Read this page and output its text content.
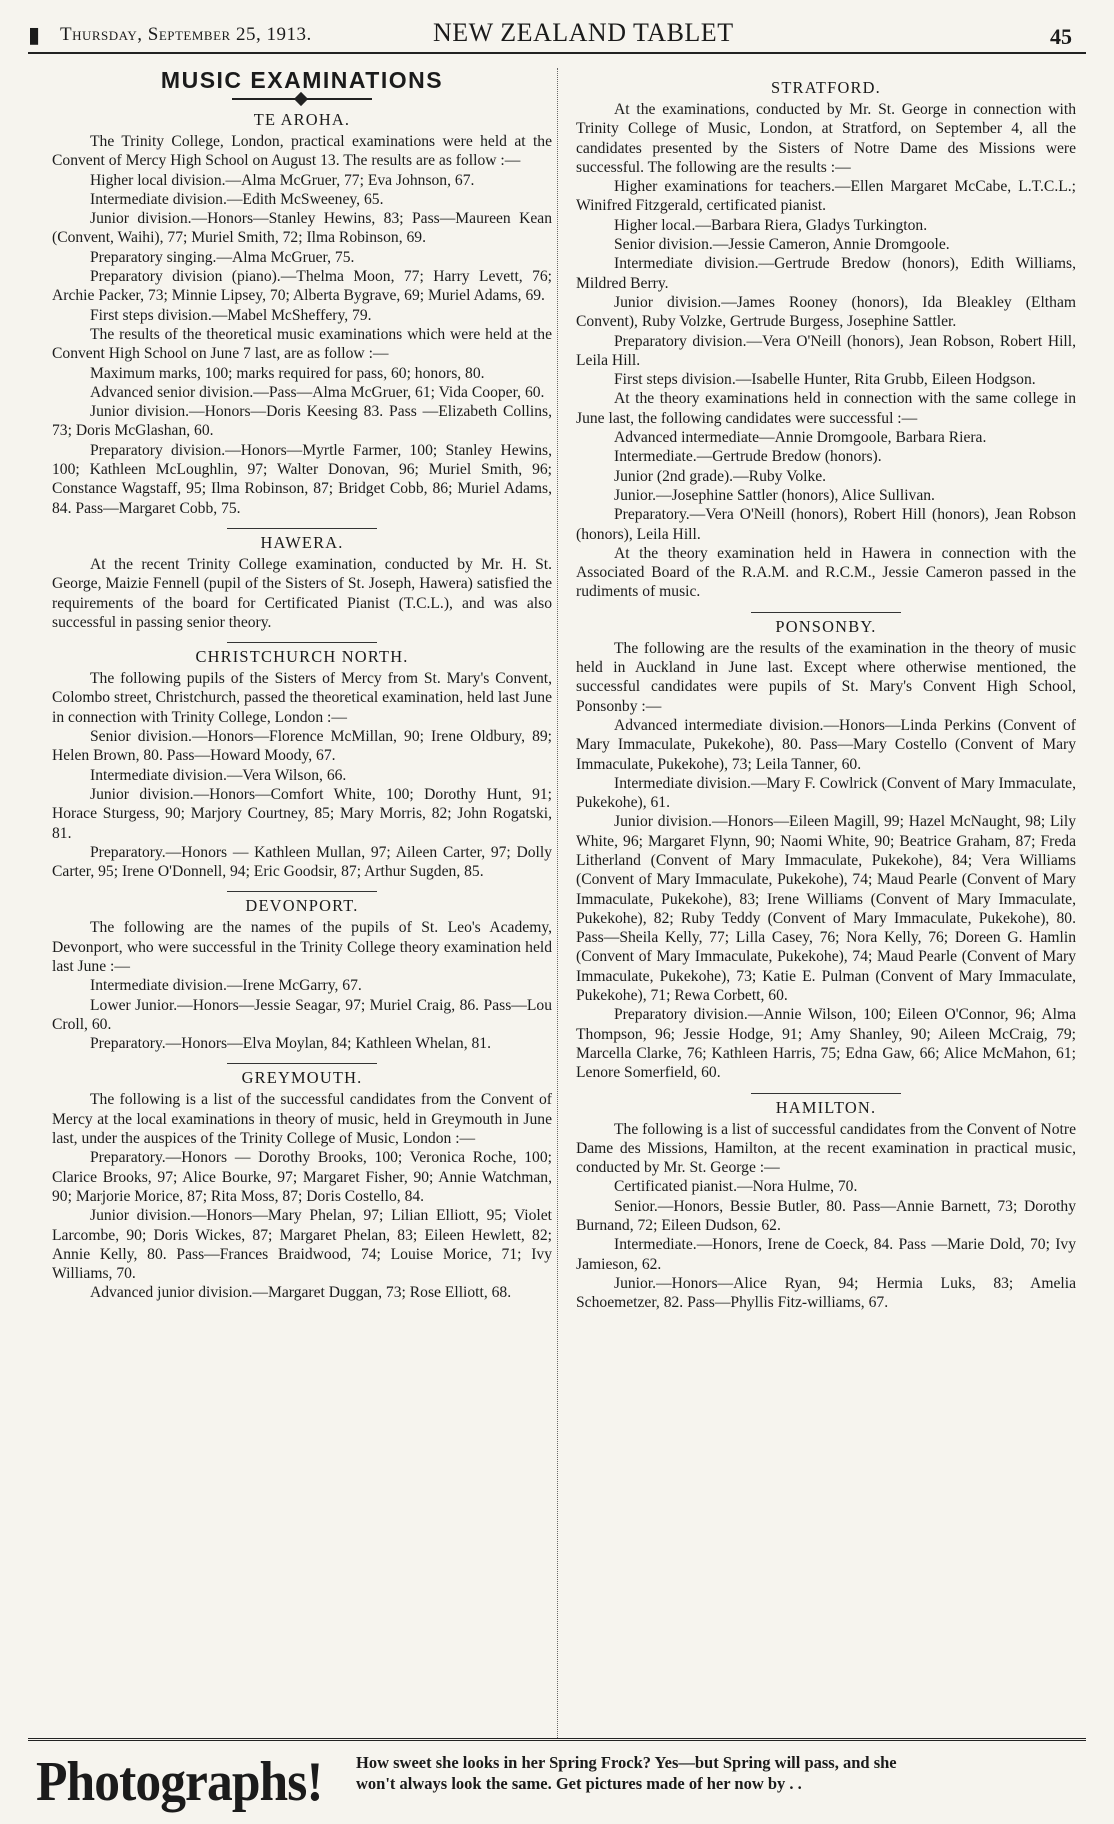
▮ Thursday, September 25, 1913.	NEW ZEALAND TABLET	45
MUSIC EXAMINATIONS
TE AROHA.

The Trinity College, London, practical examinations were held at the Convent of Mercy High School on August 13. The results are as follow :—

Higher local division.—Alma McGruer, 77; Eva Johnson, 67.

Intermediate division.—Edith McSweeney, 65.

Junior division.—Honors—Stanley Hewins, 83; Pass—Maureen Kean (Convent, Waihi), 77; Muriel Smith, 72; Ilma Robinson, 69.

Preparatory singing.—Alma McGruer, 75.

Preparatory division (piano).—Thelma Moon, 77; Harry Levett, 76; Archie Packer, 73; Minnie Lipsey, 70; Alberta Bygrave, 69; Muriel Adams, 69.

First steps division.—Mabel McSheffery, 79.

The results of the theoretical music examinations which were held at the Convent High School on June 7 last, are as follow :—

Maximum marks, 100; marks required for pass, 60; honors, 80.

Advanced senior division.—Pass—Alma McGruer, 61; Vida Cooper, 60.

Junior division.—Honors—Doris Keesing 83. Pass —Elizabeth Collins, 73; Doris McGlashan, 60.

Preparatory division.—Honors—Myrtle Farmer, 100; Stanley Hewins, 100; Kathleen McLoughlin, 97; Walter Donovan, 96; Muriel Smith, 96; Constance Wagstaff, 95; Ilma Robinson, 87; Bridget Cobb, 86; Muriel Adams, 84. Pass—Margaret Cobb, 75.

HAWERA.

At the recent Trinity College examination, conducted by Mr. H. St. George, Maizie Fennell (pupil of the Sisters of St. Joseph, Hawera) satisfied the requirements of the board for Certificated Pianist (T.C.L.), and was also successful in passing senior theory.

CHRISTCHURCH NORTH.

The following pupils of the Sisters of Mercy from St. Mary's Convent, Colombo street, Christchurch, passed the theoretical examination, held last June in connection with Trinity College, London :—

Senior division.—Honors—Florence McMillan, 90; Irene Oldbury, 89; Helen Brown, 80. Pass—Howard Moody, 67.

Intermediate division.—Vera Wilson, 66.

Junior division.—Honors—Comfort White, 100; Dorothy Hunt, 91; Horace Sturgess, 90; Marjory Courtney, 85; Mary Morris, 82; John Rogatski, 81.

Preparatory.—Honors — Kathleen Mullan, 97; Aileen Carter, 97; Dolly Carter, 95; Irene O'Donnell, 94; Eric Goodsir, 87; Arthur Sugden, 85.

DEVONPORT.

The following are the names of the pupils of St. Leo's Academy, Devonport, who were successful in the Trinity College theory examination held last June :—

Intermediate division.—Irene McGarry, 67.

Lower Junior.—Honors—Jessie Seagar, 97; Muriel Craig, 86. Pass—Lou Croll, 60.

Preparatory.—Honors—Elva Moylan, 84; Kathleen Whelan, 81.

GREYMOUTH.

The following is a list of the successful candidates from the Convent of Mercy at the local examinations in theory of music, held in Greymouth in June last, under the auspices of the Trinity College of Music, London :—

Preparatory.—Honors — Dorothy Brooks, 100; Veronica Roche, 100; Clarice Brooks, 97; Alice Bourke, 97; Margaret Fisher, 90; Annie Watchman, 90; Marjorie Morice, 87; Rita Moss, 87; Doris Costello, 84.

Junior division.—Honors—Mary Phelan, 97; Lilian Elliott, 95; Violet Larcombe, 90; Doris Wickes, 87; Margaret Phelan, 83; Eileen Hewlett, 82; Annie Kelly, 80. Pass—Frances Braidwood, 74; Louise Morice, 71; Ivy Williams, 70.

Advanced junior division.—Margaret Duggan, 73; Rose Elliott, 68.

STRATFORD.

At the examinations, conducted by Mr. St. George in connection with Trinity College of Music, London, at Stratford, on September 4, all the candidates presented by the Sisters of Notre Dame des Missions were successful. The following are the results :—

Higher examinations for teachers.—Ellen Margaret McCabe, L.T.C.L.; Winifred Fitzgerald, certificated pianist.

Higher local.—Barbara Riera, Gladys Turkington.

Senior division.—Jessie Cameron, Annie Dromgoole.

Intermediate division.—Gertrude Bredow (honors), Edith Williams, Mildred Berry.

Junior division.—James Rooney (honors), Ida Bleakley (Eltham Convent), Ruby Volzke, Gertrude Burgess, Josephine Sattler.

Preparatory division.—Vera O'Neill (honors), Jean Robson, Robert Hill, Leila Hill.

First steps division.—Isabelle Hunter, Rita Grubb, Eileen Hodgson.

At the theory examinations held in connection with the same college in June last, the following candidates were successful :—

Advanced intermediate—Annie Dromgoole, Barbara Riera.

Intermediate.—Gertrude Bredow (honors).

Junior (2nd grade).—Ruby Volke.

Junior.—Josephine Sattler (honors), Alice Sullivan.

Preparatory.—Vera O'Neill (honors), Robert Hill (honors), Jean Robson (honors), Leila Hill.

At the theory examination held in Hawera in connection with the Associated Board of the R.A.M. and R.C.M., Jessie Cameron passed in the rudiments of music.

PONSONBY.

The following are the results of the examination in the theory of music held in Auckland in June last. Except where otherwise mentioned, the successful candidates were pupils of St. Mary's Convent High School, Ponsonby :—

Advanced intermediate division.—Honors—Linda Perkins (Convent of Mary Immaculate, Pukekohe), 80. Pass—Mary Costello (Convent of Mary Immaculate, Pukekohe), 73; Leila Tanner, 60.

Intermediate division.—Mary F. Cowlrick (Convent of Mary Immaculate, Pukekohe), 61.

Junior division.—Honors—Eileen Magill, 99; Hazel McNaught, 98; Lily White, 96; Margaret Flynn, 90; Naomi White, 90; Beatrice Graham, 87; Freda Litherland (Convent of Mary Immaculate, Pukekohe), 84; Vera Williams (Convent of Mary Immaculate, Pukekohe), 74; Maud Pearle (Convent of Mary Immaculate, Pukekohe), 83; Irene Williams (Convent of Mary Immaculate, Pukekohe), 82; Ruby Teddy (Convent of Mary Immaculate, Pukekohe), 80. Pass—Sheila Kelly, 77; Lilla Casey, 76; Nora Kelly, 76; Doreen G. Hamlin (Convent of Mary Immaculate, Pukekohe), 74; Maud Pearle (Convent of Mary Immaculate, Pukekohe), 73; Katie E. Pulman (Convent of Mary Immaculate, Pukekohe), 71; Rewa Corbett, 60.

Preparatory division.—Annie Wilson, 100; Eileen O'Connor, 96; Alma Thompson, 96; Jessie Hodge, 91; Amy Shanley, 90; Aileen McCraig, 79; Marcella Clarke, 76; Kathleen Harris, 75; Edna Gaw, 66; Alice McMahon, 61; Lenore Somerfield, 60.

HAMILTON.

The following is a list of successful candidates from the Convent of Notre Dame des Missions, Hamilton, at the recent examination in practical music, conducted by Mr. St. George :—

Certificated pianist.—Nora Hulme, 70.

Senior.—Honors, Bessie Butler, 80. Pass—Annie Barnett, 73; Dorothy Burnand, 72; Eileen Dudson, 62.

Intermediate.—Honors, Irene de Coeck, 84. Pass —Marie Dold, 70; Ivy Jamieson, 62.

Junior.—Honors—Alice Ryan, 94; Hermia Luks, 83; Amelia Schoemetzer, 82. Pass—Phyllis Fitz-williams, 67.

Photographs! How sweet she looks in her Spring Frock? Yes—but Spring will pass, and she
won't always look the same. Get pictures made of her now by . .
